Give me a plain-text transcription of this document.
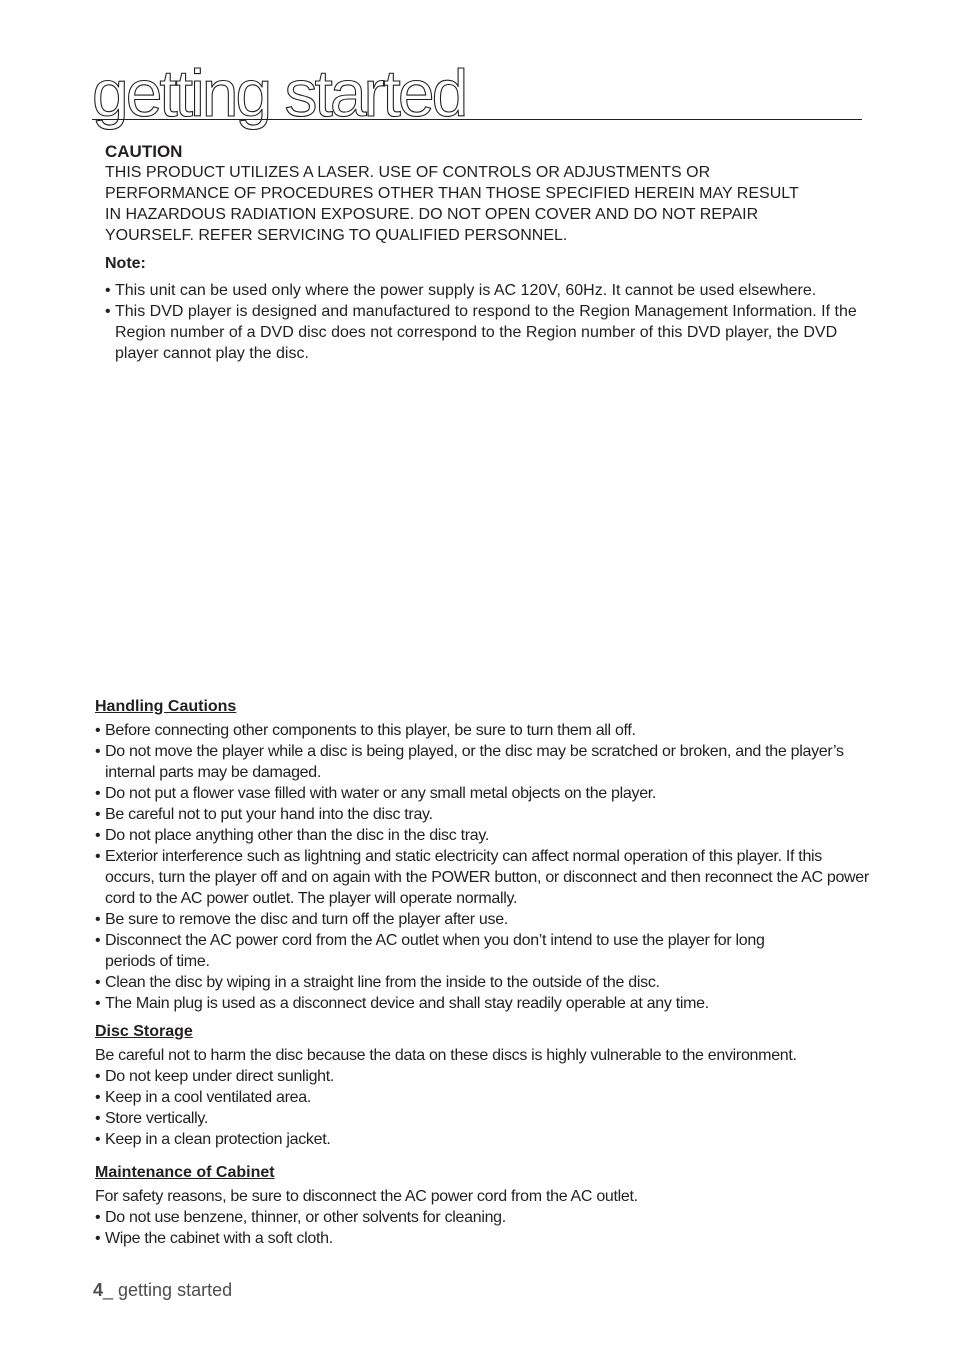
getting started

CAUTION

THIS PRODUCT UTILIZES A LASER. USE OF CONTROLS OR ADJUSTMENTS OR

PERFORMANCE OF PROCEDURES OTHER THAN THOSE SPECIFIED HEREIN MAY RESULT

IN HAZARDOUS RADIATION EXPOSURE. DO NOT OPEN COVER AND DO NOT REPAIR

YOURSELF. REFER SERVICING TO QUALIFIED PERSONNEL.

Note:

• This unit can be used only where the power supply is AC 120V, 60Hz. It cannot be used elsewhere.
• This DVD player is designed and manufactured to respond to the Region Management Information. If the Region number of a DVD disc does not correspond to the Region number of this DVD player, the DVD player cannot play the disc.

Handling Cautions

• Before connecting other components to this player, be sure to turn them all off.
• Do not move the player while a disc is being played, or the disc may be scratched or broken, and the player’s internal parts may be damaged.
• Do not put a flower vase filled with water or any small metal objects on the player.
• Be careful not to put your hand into the disc tray.
• Do not place anything other than the disc in the disc tray.
• Exterior interference such as lightning and static electricity can affect normal operation of this player. If this occurs, turn the player off and on again with the POWER button, or disconnect and then reconnect the AC power cord to the AC power outlet. The player will operate normally.
• Be sure to remove the disc and turn off the player after use.
• Disconnect the AC power cord from the AC outlet when you don’t intend to use the player for long periods of time.
• Clean the disc by wiping in a straight line from the inside to the outside of the disc.
• The Main plug is used as a disconnect device and shall stay readily operable at any time.

Disc Storage

Be careful not to harm the disc because the data on these discs is highly vulnerable to the environment.

• Do not keep under direct sunlight.
• Keep in a cool ventilated area.
• Store vertically.
• Keep in a clean protection jacket.

Maintenance of Cabinet

For safety reasons, be sure to disconnect the AC power cord from the AC outlet.

• Do not use benzene, thinner, or other solvents for cleaning.
• Wipe the cabinet with a soft cloth.
4_ getting started
